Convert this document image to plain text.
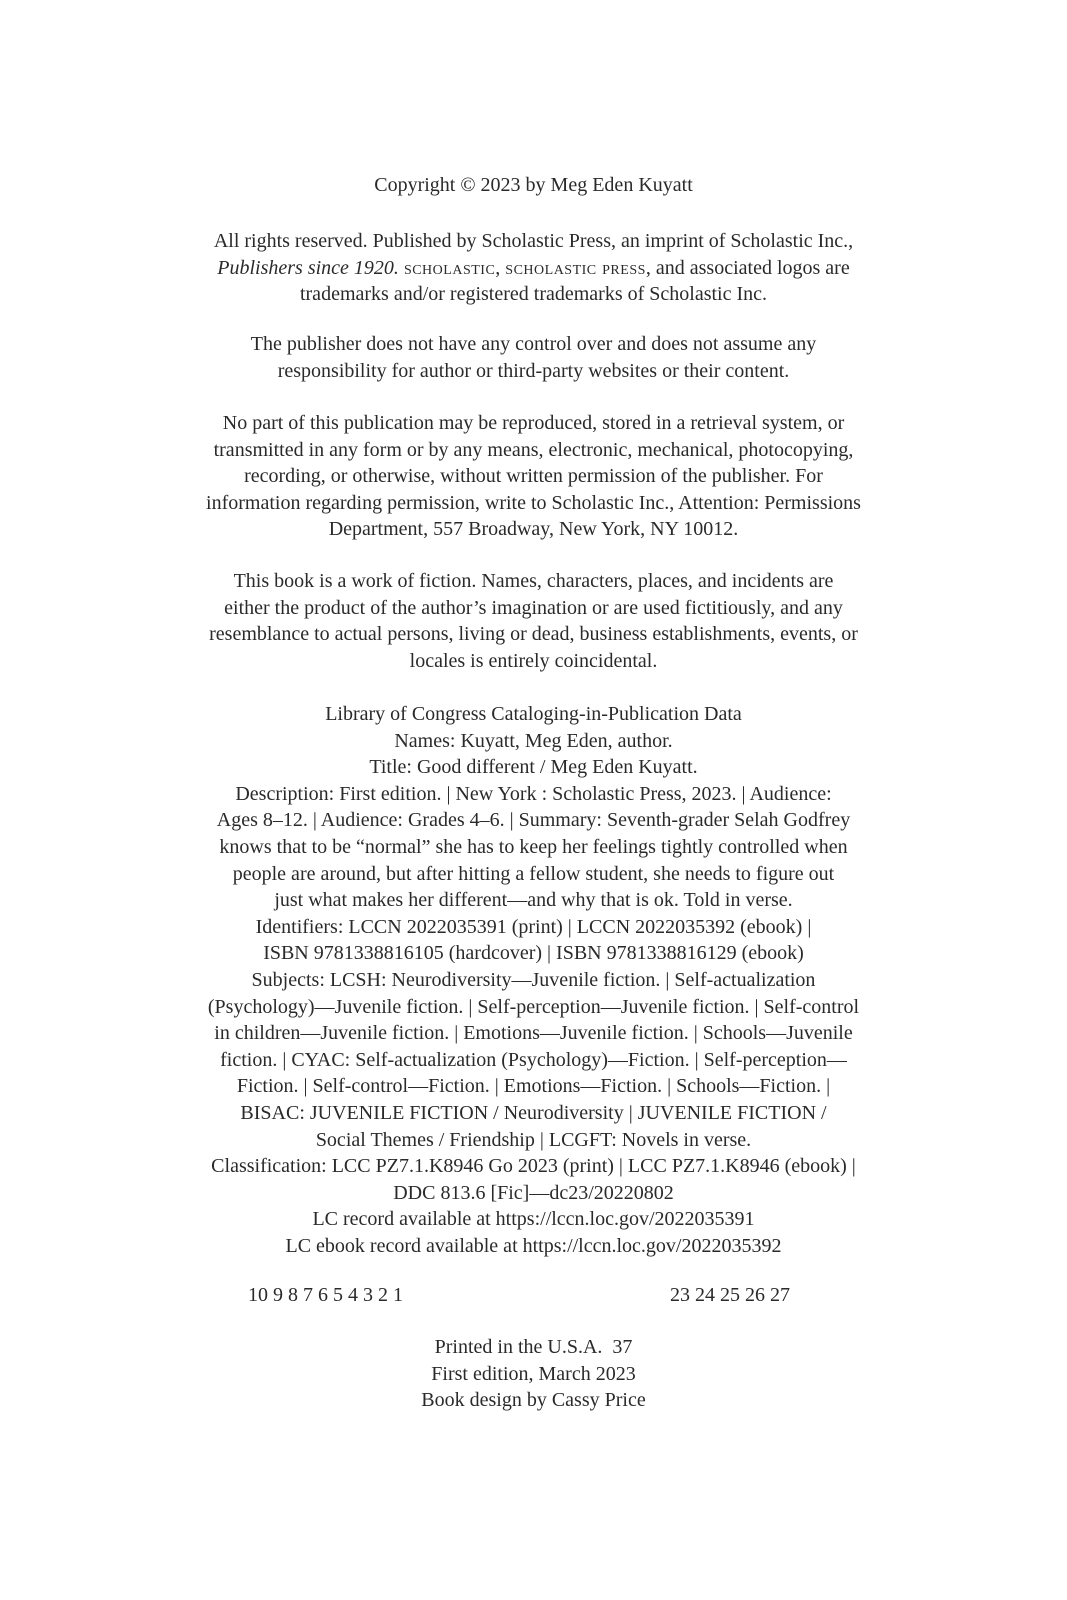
Copyright © 2023 by Meg Eden Kuyatt
All rights reserved. Published by Scholastic Press, an imprint of Scholastic Inc.,
Publishers since 1920. scholastic, scholastic press, and associated logos are
trademarks and/or registered trademarks of Scholastic Inc.
The publisher does not have any control over and does not assume any
responsibility for author or third-party websites or their content.
No part of this publication may be reproduced, stored in a retrieval system, or
transmitted in any form or by any means, electronic, mechanical, photocopying,
recording, or otherwise, without written permission of the publisher. For
information regarding permission, write to Scholastic Inc., Attention: Permissions
Department, 557 Broadway, New York, NY 10012.
This book is a work of fiction. Names, characters, places, and incidents are
either the product of the author’s imagination or are used fictitiously, and any
resemblance to actual persons, living or dead, business establishments, events, or
locales is entirely coincidental.
Library of Congress Cataloging-in-Publication Data
Names: Kuyatt, Meg Eden, author.
Title: Good different / Meg Eden Kuyatt.
Description: First edition. | New York : Scholastic Press, 2023. | Audience:
Ages 8–12. | Audience: Grades 4–6. | Summary: Seventh-grader Selah Godfrey
knows that to be “normal” she has to keep her feelings tightly controlled when
people are around, but after hitting a fellow student, she needs to figure out
just what makes her different—and why that is ok. Told in verse.
Identifiers: LCCN 2022035391 (print) | LCCN 2022035392 (ebook) |
ISBN 9781338816105 (hardcover) | ISBN 9781338816129 (ebook)
Subjects: LCSH: Neurodiversity—Juvenile fiction. | Self-actualization
(Psychology)—Juvenile fiction. | Self-perception—Juvenile fiction. | Self-control
in children—Juvenile fiction. | Emotions—Juvenile fiction. | Schools—Juvenile
fiction. | CYAC: Self-actualization (Psychology)—Fiction. | Self-perception—
Fiction. | Self-control—Fiction. | Emotions—Fiction. | Schools—Fiction. |
BISAC: JUVENILE FICTION / Neurodiversity | JUVENILE FICTION /
Social Themes / Friendship | LCGFT: Novels in verse.
Classification: LCC PZ7.1.K8946 Go 2023 (print) | LCC PZ7.1.K8946 (ebook) |
DDC 813.6 [Fic]—dc23/20220802
LC record available at https://lccn.loc.gov/2022035391
LC ebook record available at https://lccn.loc.gov/2022035392
10 9 8 7 6 5 4 3 2 1	23 24 25 26 27
Printed in the U.S.A.  37
First edition, March 2023
Book design by Cassy Price
